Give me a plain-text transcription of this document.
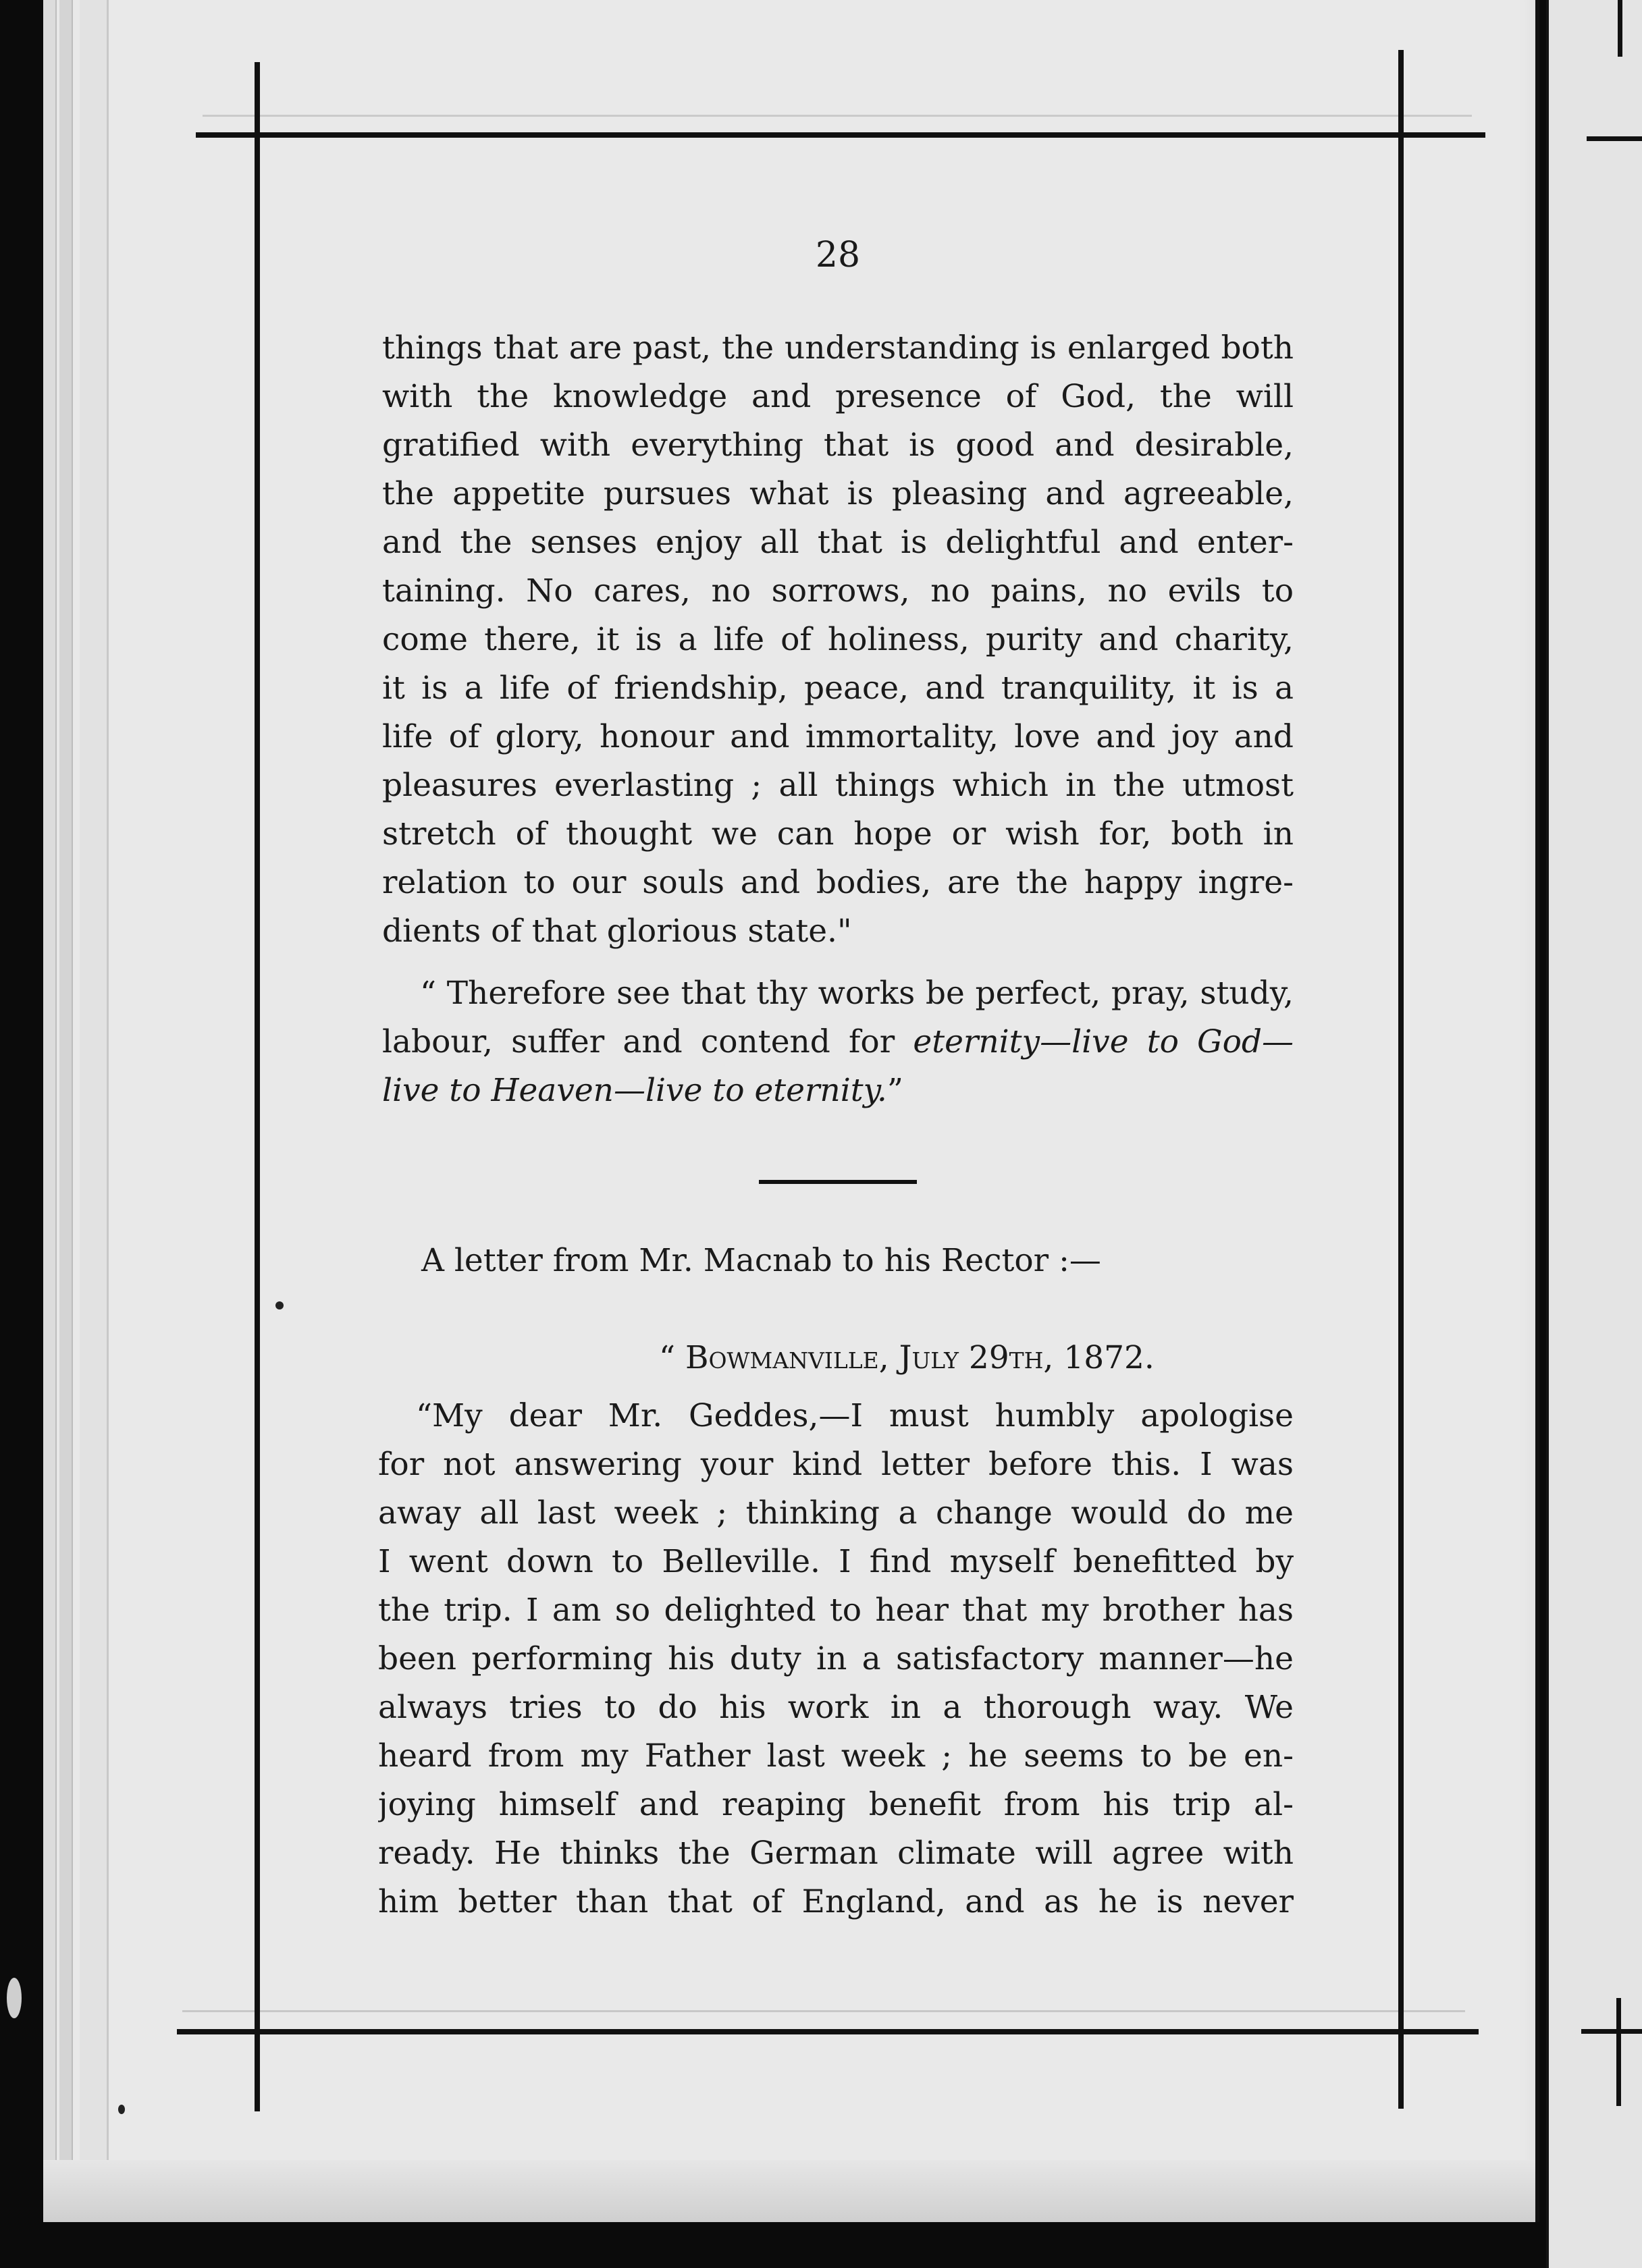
28
things that are past, the understanding is enlarged both
with the knowledge and presence of God, the will
gratified with everything that is good and desirable,
the appetite pursues what is pleasing and agreeable,
and the senses enjoy all that is delightful and enter-
taining. No cares, no sorrows, no pains, no evils to
come there, it is a life of holiness, purity and charity,
it is a life of friendship, peace, and tranquility, it is a
life of glory, honour and immortality, love and joy and
pleasures everlasting ; all things which in the utmost
stretch of thought we can hope or wish for, both in
relation to our souls and bodies, are the happy ingre-
dients of that glorious state."
“ Therefore see that thy works be perfect, pray, study,
labour, suffer and contend for eternity—live to God—
live to Heaven—live to eternity.”
A letter from Mr. Macnab to his Rector :—
“ Bowmanville, July 29th, 1872.
“My dear Mr. Geddes,—I must humbly apologise
for not answering your kind letter before this. I was
away all last week ; thinking a change would do me
I went down to Belleville. I find myself benefitted by
the trip. I am so delighted to hear that my brother has
been performing his duty in a satisfactory manner—he
always tries to do his work in a thorough way. We
heard from my Father last week ; he seems to be en-
joying himself and reaping benefit from his trip al-
ready. He thinks the German climate will agree with
him better than that of England, and as he is never
